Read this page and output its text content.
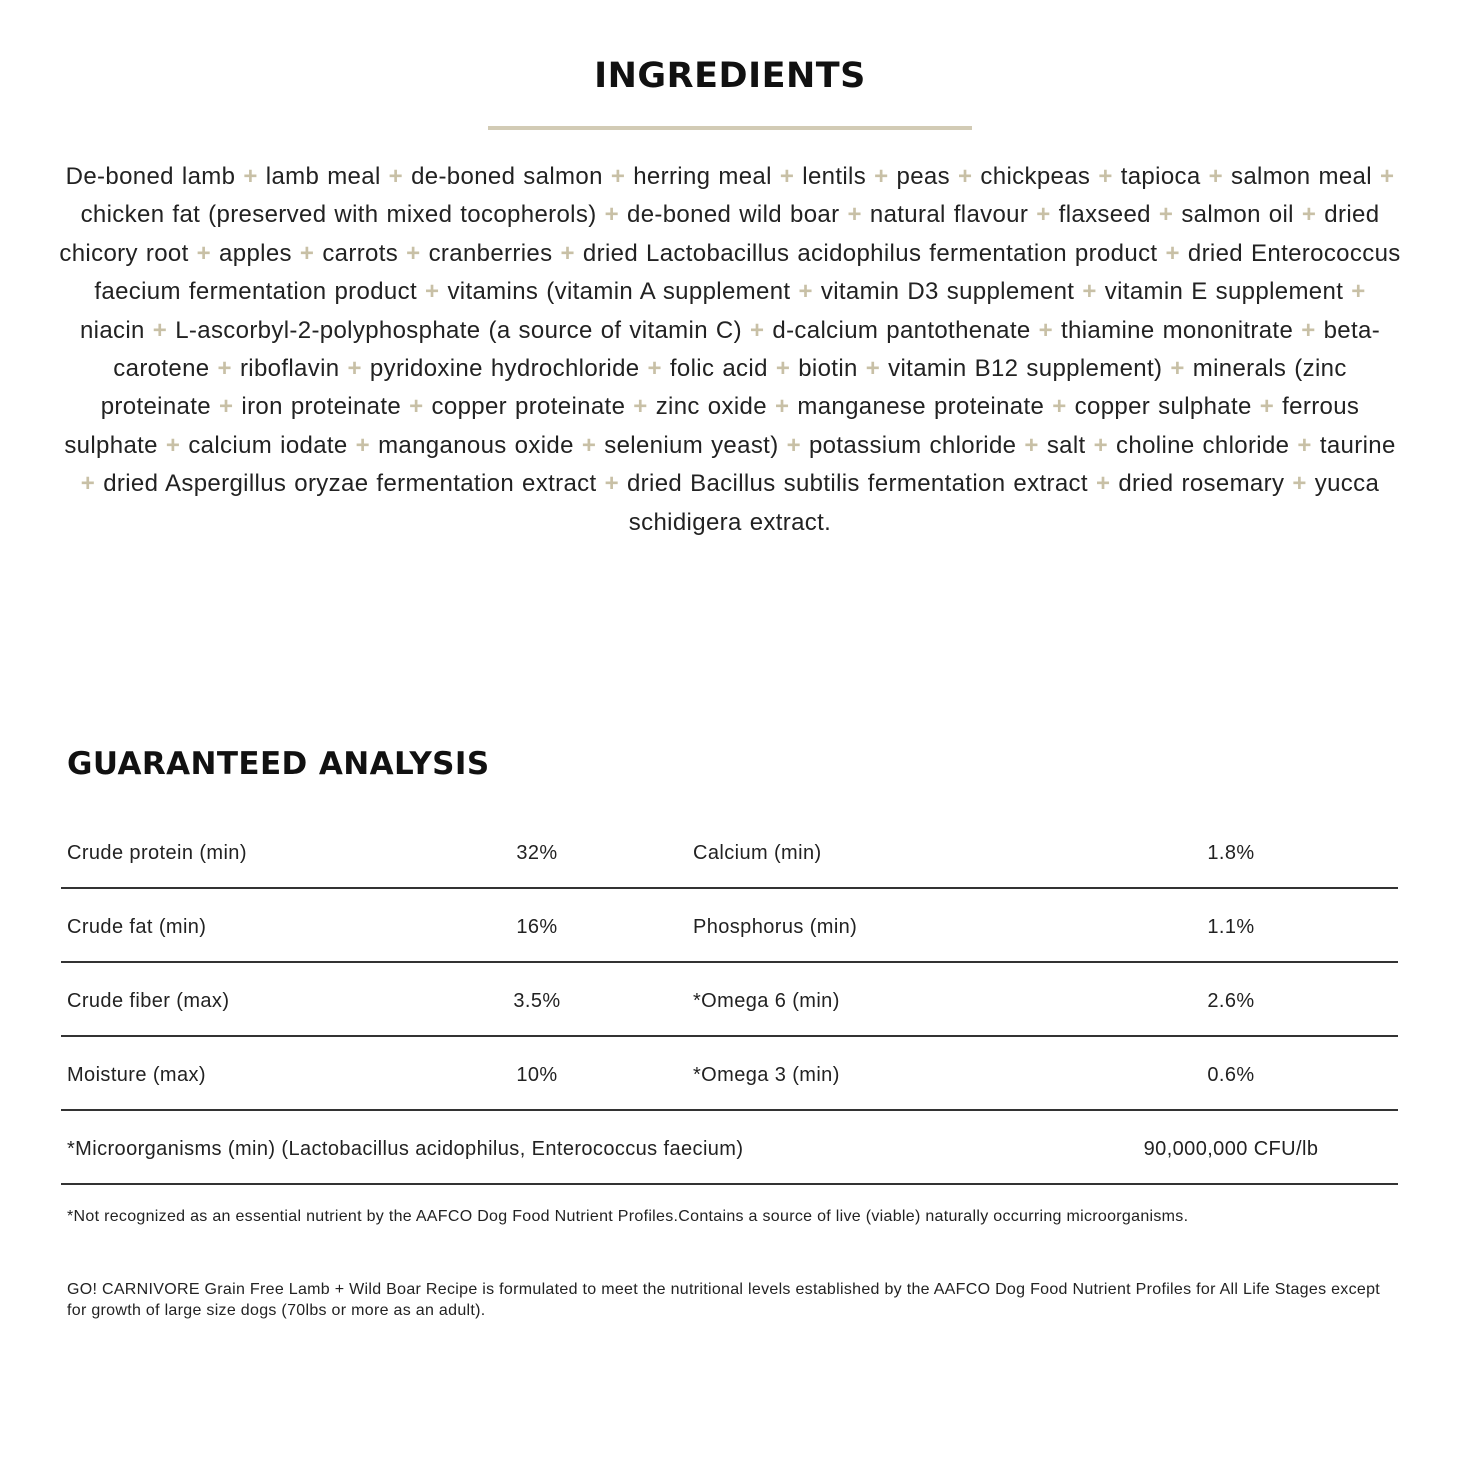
INGREDIENTS
De-boned lamb + lamb meal + de-boned salmon + herring meal + lentils + peas + chickpeas + tapioca + salmon meal + chicken fat (preserved with mixed tocopherols) + de-boned wild boar + natural flavour + flaxseed + salmon oil + dried chicory root + apples + carrots + cranberries + dried Lactobacillus acidophilus fermentation product + dried Enterococcus faecium fermentation product + vitamins (vitamin A supplement + vitamin D3 supplement + vitamin E supplement + niacin + L-ascorbyl-2-polyphosphate (a source of vitamin C) + d-calcium pantothenate + thiamine mononitrate + beta-carotene + riboflavin + pyridoxine hydrochloride + folic acid + biotin + vitamin B12 supplement) + minerals (zinc proteinate + iron proteinate + copper proteinate + zinc oxide + manganese proteinate + copper sulphate + ferrous sulphate + calcium iodate + manganous oxide + selenium yeast) + potassium chloride + salt + choline chloride + taurine + dried Aspergillus oryzae fermentation extract + dried Bacillus subtilis fermentation extract + dried rosemary + yucca schidigera extract.
GUARANTEED ANALYSIS
Crude protein (min)	32%	Calcium (min)	1.8%
Crude fat (min)	16%	Phosphorus (min)	1.1%
Crude fiber (max)	3.5%	*Omega 6 (min)	2.6%
Moisture (max)	10%	*Omega 3 (min)	0.6%
*Microorganisms (min) (Lactobacillus acidophilus, Enterococcus faecium)	90,000,000 CFU/lb
*Not recognized as an essential nutrient by the AAFCO Dog Food Nutrient Profiles.Contains a source of live (viable) naturally occurring microorganisms.
GO! CARNIVORE Grain Free Lamb + Wild Boar Recipe is formulated to meet the nutritional levels established by the AAFCO Dog Food Nutrient Profiles for All Life Stages except for growth of large size dogs (70lbs or more as an adult).
